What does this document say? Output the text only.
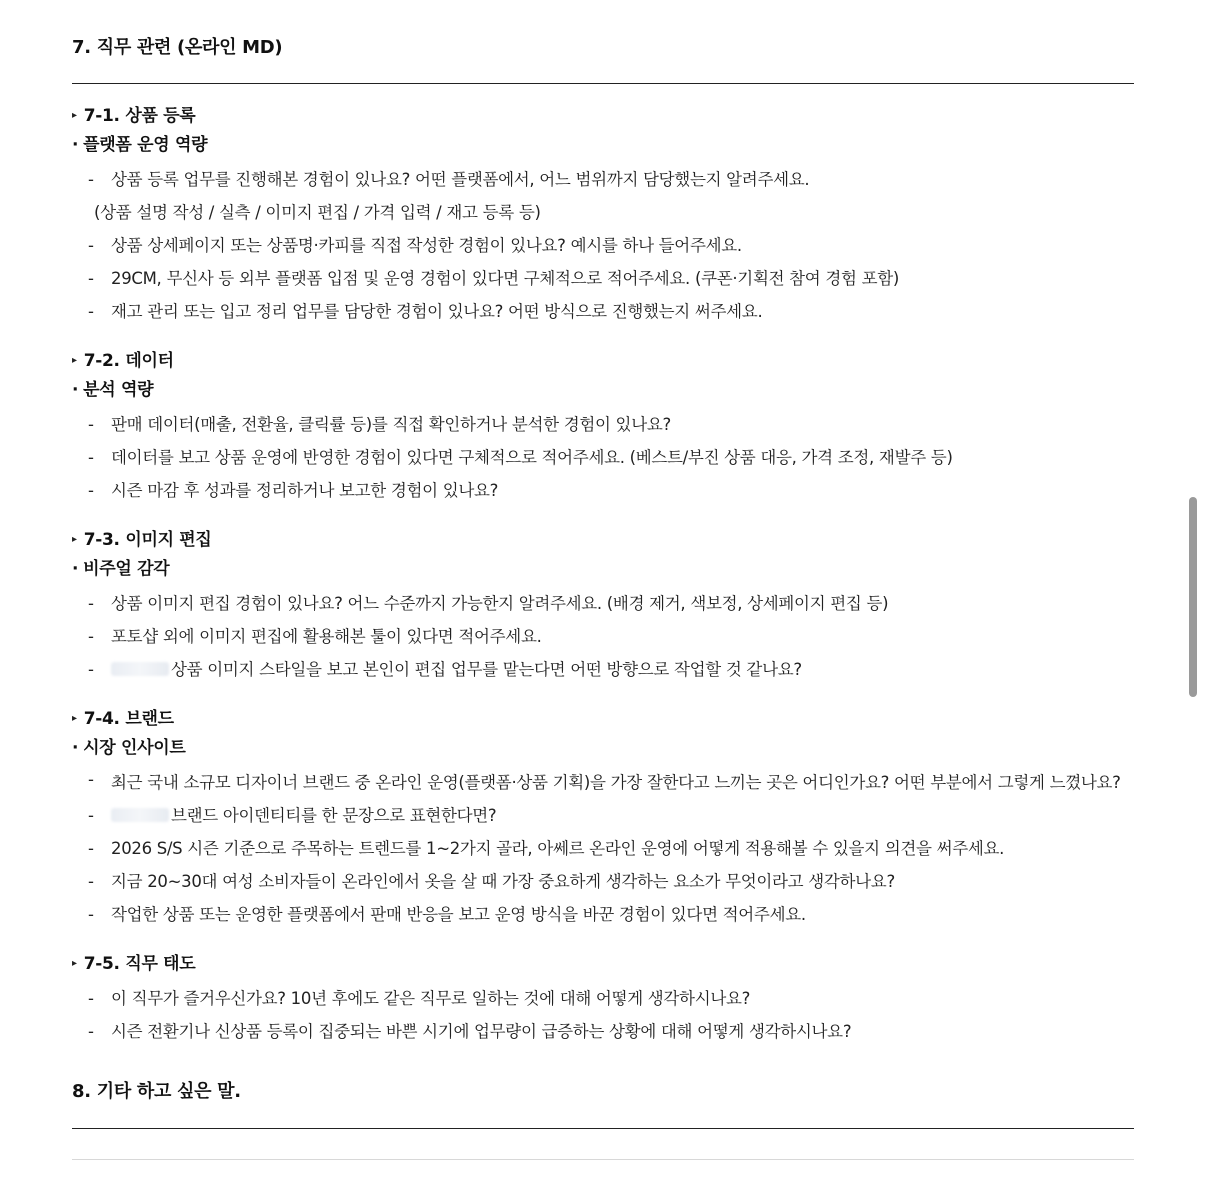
7. 직무 관련 (온라인 MD)
▸ 7-1. 상품 등록
· 플랫폼 운영 역량
- 상품 등록 업무를 진행해본 경험이 있나요? 어떤 플랫폼에서, 어느 범위까지 담당했는지 알려주세요.
(상품 설명 작성 / 실측 / 이미지 편집 / 가격 입력 / 재고 등록 등)
- 상품 상세페이지 또는 상품명·카피를 직접 작성한 경험이 있나요? 예시를 하나 들어주세요.
- 29CM, 무신사 등 외부 플랫폼 입점 및 운영 경험이 있다면 구체적으로 적어주세요. (쿠폰·기획전 참여 경험 포함)
- 재고 관리 또는 입고 정리 업무를 담당한 경험이 있나요? 어떤 방식으로 진행했는지 써주세요.
▸ 7-2. 데이터
· 분석 역량
- 판매 데이터(매출, 전환율, 클릭률 등)를 직접 확인하거나 분석한 경험이 있나요?
- 데이터를 보고 상품 운영에 반영한 경험이 있다면 구체적으로 적어주세요. (베스트/부진 상품 대응, 가격 조정, 재발주 등)
- 시즌 마감 후 성과를 정리하거나 보고한 경험이 있나요?
▸ 7-3. 이미지 편집
· 비주얼 감각
- 상품 이미지 편집 경험이 있나요? 어느 수준까지 가능한지 알려주세요. (배경 제거, 색보정, 상세페이지 편집 등)
- 포토샵 외에 이미지 편집에 활용해본 툴이 있다면 적어주세요.
-	상품 이미지 스타일을 보고 본인이 편집 업무를 맡는다면 어떤 방향으로 작업할 것 같나요?
▸ 7-4. 브랜드
· 시장 인사이트
- 최근 국내 소규모 디자이너 브랜드 중 온라인 운영(플랫폼·상품 기획)을 가장 잘한다고 느끼는 곳은 어디인가요? 어떤 부분에서 그렇게 느꼈나요?
-	브랜드 아이덴티티를 한 문장으로 표현한다면?
- 2026 S/S 시즌 기준으로 주목하는 트렌드를 1~2가지 골라, 아쎄르 온라인 운영에 어떻게 적용해볼 수 있을지 의견을 써주세요.
- 지금 20~30대 여성 소비자들이 온라인에서 옷을 살 때 가장 중요하게 생각하는 요소가 무엇이라고 생각하나요?
- 작업한 상품 또는 운영한 플랫폼에서 판매 반응을 보고 운영 방식을 바꾼 경험이 있다면 적어주세요.
▸ 7-5. 직무 태도
- 이 직무가 즐거우신가요? 10년 후에도 같은 직무로 일하는 것에 대해 어떻게 생각하시나요?
- 시즌 전환기나 신상품 등록이 집중되는 바쁜 시기에 업무량이 급증하는 상황에 대해 어떻게 생각하시나요?
8. 기타 하고 싶은 말.
